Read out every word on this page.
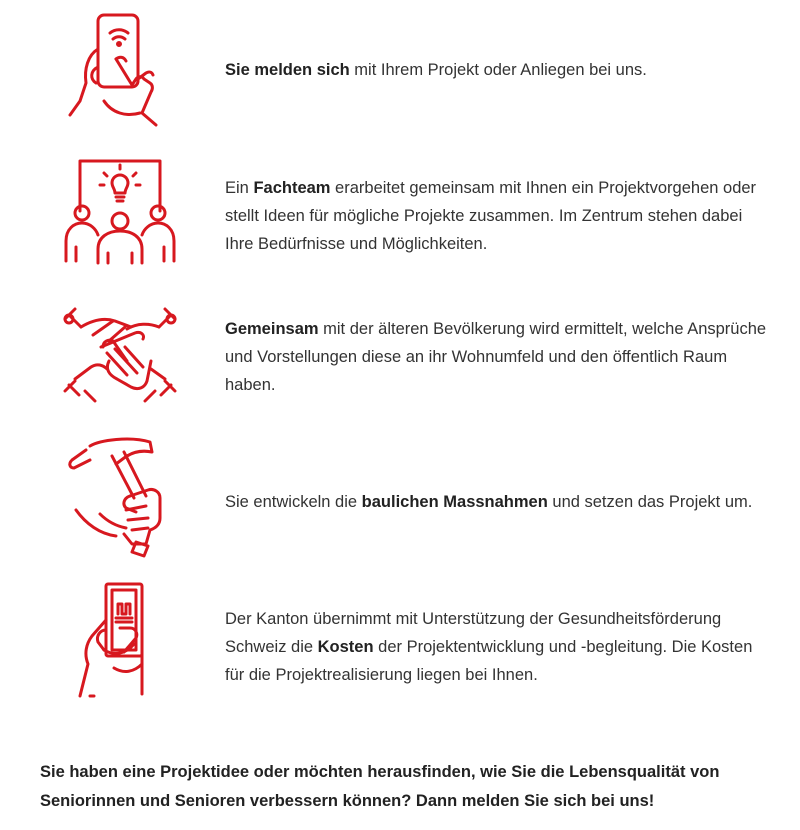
Sie melden sich mit Ihrem Projekt oder Anliegen bei uns.
Ein Fachteam erarbeitet gemeinsam mit Ihnen ein Projektvorgehen oder stellt Ideen für mögliche Projekte zusammen. Im Zentrum stehen dabei Ihre Bedürfnisse und Möglichkeiten.
Gemeinsam mit der älteren Bevölkerung wird ermittelt, welche Ansprüche und Vorstellungen diese an ihr Wohnumfeld und den öffentlich Raum haben.
Sie entwickeln die baulichen Massnahmen und setzen das Projekt um.
Der Kanton übernimmt mit Unterstützung der Gesundheitsförderung Schweiz die Kosten der Projektentwicklung und -begleitung. Die Kosten für die Projektrealisierung liegen bei Ihnen.
Sie haben eine Projektidee oder möchten herausfinden, wie Sie die Lebensqualität von Seniorinnen und Senioren verbessern können? Dann melden Sie sich bei uns!
